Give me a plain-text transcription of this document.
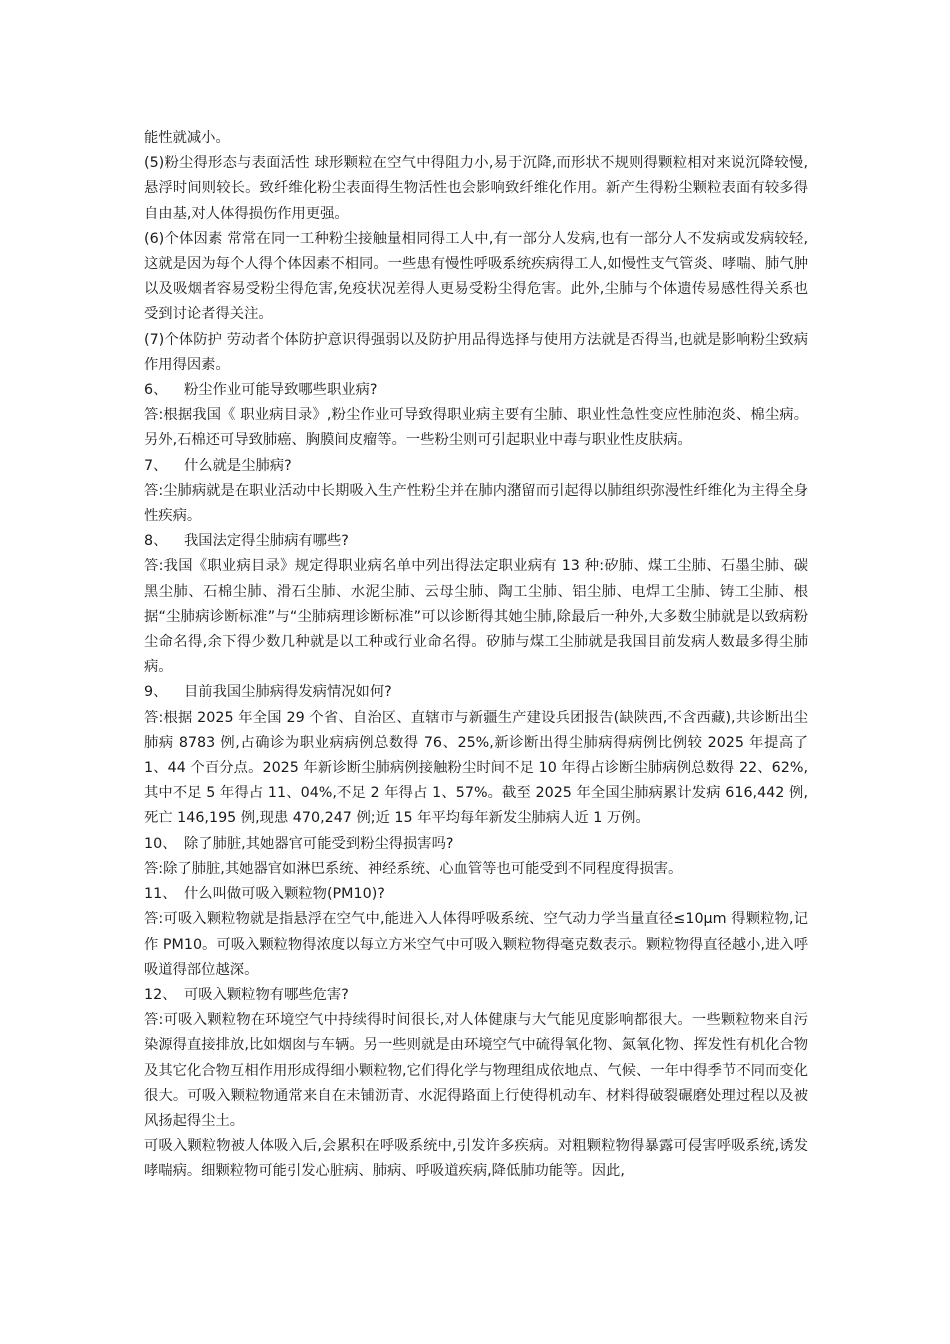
能性就减小。

(5)粉尘得形态与表面活性 球形颗粒在空气中得阻力小,易于沉降,而形状不规则得颗粒相对来说沉降较慢,悬浮时间则较长。致纤维化粉尘表面得生物活性也会影响致纤维化作用。新产生得粉尘颗粒表面有较多得自由基,对人体得损伤作用更强。

(6)个体因素 常常在同一工种粉尘接触量相同得工人中,有一部分人发病,也有一部分人不发病或发病较轻,这就是因为每个人得个体因素不相同。一些患有慢性呼吸系统疾病得工人,如慢性支气管炎、哮喘、肺气肿以及吸烟者容易受粉尘得危害,免疫状况差得人更易受粉尘得危害。此外,尘肺与个体遗传易感性得关系也受到讨论者得关注。

(7)个体防护 劳动者个体防护意识得强弱以及防护用品得选择与使用方法就是否得当,也就是影响粉尘致病作用得因素。

6、 粉尘作业可能导致哪些职业病?

答:根据我国《 职业病目录》,粉尘作业可导致得职业病主要有尘肺、职业性急性变应性肺泡炎、棉尘病。另外,石棉还可导致肺癌、胸膜间皮瘤等。一些粉尘则可引起职业中毒与职业性皮肤病。

7、 什么就是尘肺病?

答:尘肺病就是在职业活动中长期吸入生产性粉尘并在肺内潴留而引起得以肺组织弥漫性纤维化为主得全身性疾病。

8、 我国法定得尘肺病有哪些?

答:我国《职业病目录》规定得职业病名单中列出得法定职业病有 13 种:矽肺、煤工尘肺、石墨尘肺、碳黑尘肺、石棉尘肺、滑石尘肺、水泥尘肺、云母尘肺、陶工尘肺、铝尘肺、电焊工尘肺、铸工尘肺、根据“尘肺病诊断标准”与“尘肺病理诊断标准”可以诊断得其她尘肺,除最后一种外,大多数尘肺就是以致病粉尘命名得,余下得少数几种就是以工种或行业命名得。矽肺与煤工尘肺就是我国目前发病人数最多得尘肺病。

9、 目前我国尘肺病得发病情况如何?

答:根据 2025 年全国 29 个省、自治区、直辖市与新疆生产建设兵团报告(缺陕西,不含西藏),共诊断出尘肺病 8783 例,占确诊为职业病病例总数得 76、25%,新诊断出得尘肺病得病例比例较 2025 年提高了 1、44 个百分点。2025 年新诊断尘肺病例接触粉尘时间不足 10 年得占诊断尘肺病例总数得 22、62%,其中不足 5 年得占 11、04%,不足 2 年得占 1、57%。截至 2025 年全国尘肺病累计发病 616,442 例,死亡 146,195 例,现患 470,247 例;近 15 年平均每年新发尘肺病人近 1 万例。

10、 除了肺脏,其她器官可能受到粉尘得损害吗?

答:除了肺脏,其她器官如淋巴系统、神经系统、心血管等也可能受到不同程度得损害。

11、 什么叫做可吸入颗粒物(PM10)?

答:可吸入颗粒物就是指悬浮在空气中,能进入人体得呼吸系统、空气动力学当量直径≤10μm 得颗粒物,记作 PM10。可吸入颗粒物得浓度以每立方米空气中可吸入颗粒物得毫克数表示。颗粒物得直径越小,进入呼吸道得部位越深。

12、 可吸入颗粒物有哪些危害?

答:可吸入颗粒物在环境空气中持续得时间很长,对人体健康与大气能见度影响都很大。一些颗粒物来自污染源得直接排放,比如烟囱与车辆。另一些则就是由环境空气中硫得氧化物、氮氧化物、挥发性有机化合物及其它化合物互相作用形成得细小颗粒物,它们得化学与物理组成依地点、气候、一年中得季节不同而变化很大。可吸入颗粒物通常来自在未铺沥青、水泥得路面上行使得机动车、材料得破裂碾磨处理过程以及被风扬起得尘土。

可吸入颗粒物被人体吸入后,会累积在呼吸系统中,引发许多疾病。对粗颗粒物得暴露可侵害呼吸系统,诱发哮喘病。细颗粒物可能引发心脏病、肺病、呼吸道疾病,降低肺功能等。因此,
